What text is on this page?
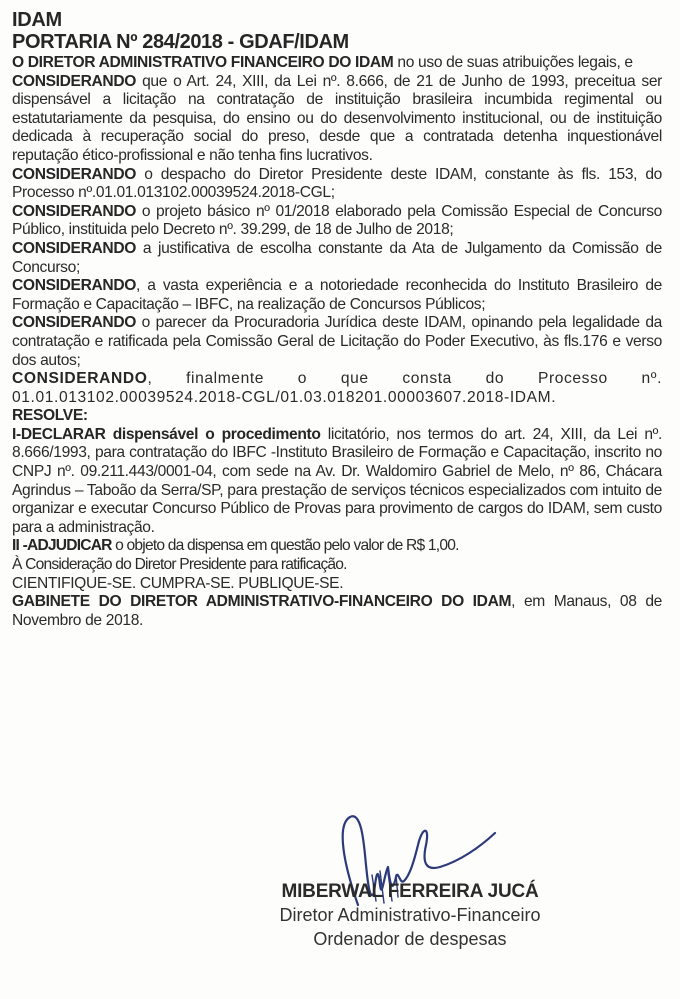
IDAM
PORTARIA Nº 284/2018 - GDAF/IDAM

O DIRETOR ADMINISTRATIVO FINANCEIRO DO IDAM no uso de suas atribuições legais, e

CONSIDERANDO que o Art. 24, XIII, da Lei nº. 8.666, de 21 de Junho de 1993, preceitua ser dispensável a licitação na contratação de instituição brasileira incumbida regimental ou estatutariamente da pesquisa, do ensino ou do desenvolvimento institucional, ou de instituição dedicada à recuperação social do preso, desde que a contratada detenha inquestionável reputação ético-profissional e não tenha fins lucrativos.

CONSIDERANDO o despacho do Diretor Presidente deste IDAM, constante às fls. 153, do Processo nº.01.01.013102.00039524.2018-CGL;

CONSIDERANDO o projeto básico nº 01/2018 elaborado pela Comissão Especial de Concurso Público, instituida pelo Decreto nº. 39.299, de 18 de Julho de 2018;

CONSIDERANDO a justificativa de escolha constante da Ata de Julgamento da Comissão de Concurso;

CONSIDERANDO, a vasta experiência e a notoriedade reconhecida do Instituto Brasileiro de Formação e Capacitação – IBFC, na realização de Concursos Públicos;

CONSIDERANDO o parecer da Procuradoria Jurídica deste IDAM, opinando pela legalidade da contratação e ratificada pela Comissão Geral de Licitação do Poder Executivo, às fls.176 e verso dos autos;

CONSIDERANDO, finalmente o que consta do Processo nº. 01.01.013102.00039524.2018-CGL/01.03.018201.00003607.2018-IDAM.

RESOLVE:

I-DECLARAR dispensável o procedimento licitatório, nos termos do art. 24, XIII, da Lei nº. 8.666/1993, para contratação do IBFC -Instituto Brasileiro de Formação e Capacitação, inscrito no CNPJ nº. 09.211.443/0001-04, com sede na Av. Dr. Waldomiro Gabriel de Melo, nº 86, Chácara Agrindus – Taboão da Serra/SP, para prestação de serviços técnicos especializados com intuito de organizar e executar Concurso Público de Provas para provimento de cargos do IDAM, sem custo para a administração.

II -ADJUDICAR o objeto da dispensa em questão pelo valor de R$ 1,00.

À Consideração do Diretor Presidente para ratificação.

CIENTIFIQUE-SE. CUMPRA-SE. PUBLIQUE-SE.

GABINETE DO DIRETOR ADMINISTRATIVO-FINANCEIRO DO IDAM, em Manaus, 08 de Novembro de 2018.

MIBERWAL FERREIRA JUCÁ
Diretor Administrativo-Financeiro
Ordenador de despesas
